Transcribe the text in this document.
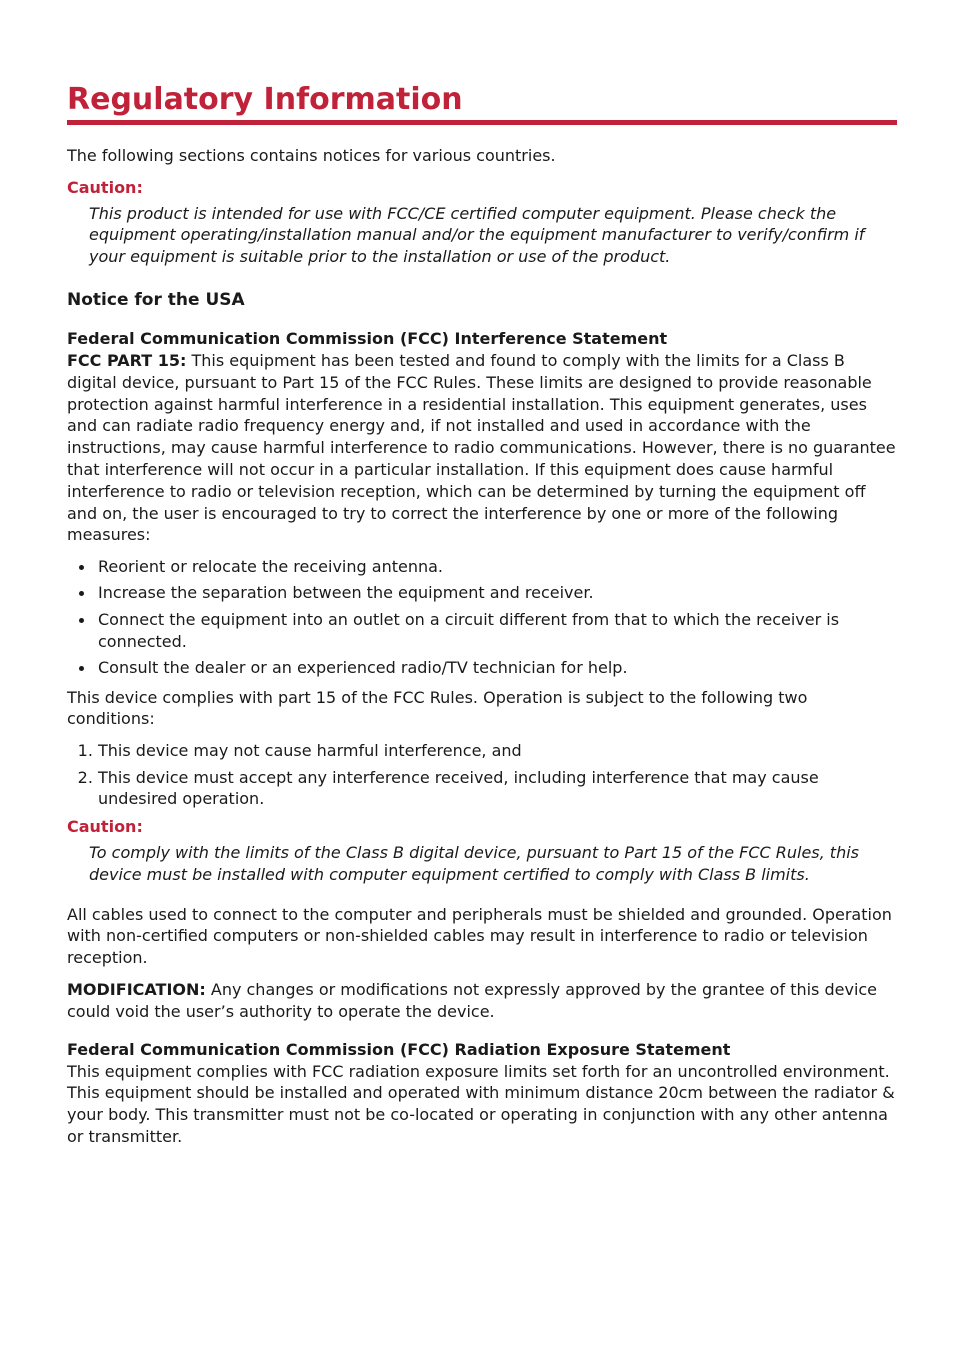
Regulatory Information

The following sections contains notices for various countries.

Caution:

This product is intended for use with FCC/CE certified computer equipment. Please check the equipment operating/installation manual and/or the equipment manufacturer to verify/confirm if your equipment is suitable prior to the installation or use of the product.

Notice for the USA
Federal Communication Commission (FCC) Interference Statement

FCC PART 15: This equipment has been tested and found to comply with the limits for a Class B digital device, pursuant to Part 15 of the FCC Rules. These limits are designed to provide reasonable protection against harmful interference in a residential installation. This equipment generates, uses and can radiate radio frequency energy and, if not installed and used in accordance with the instructions, may cause harmful interference to radio communications. However, there is no guarantee that interference will not occur in a particular installation. If this equipment does cause harmful interference to radio or television reception, which can be determined by turning the equipment off and on, the user is encouraged to try to correct the interference by one or more of the following measures:

Reorient or relocate the receiving antenna.
Increase the separation between the equipment and receiver.
Connect the equipment into an outlet on a circuit different from that to which the receiver is connected.
Consult the dealer or an experienced radio/TV technician for help.

This device complies with part 15 of the FCC Rules. Operation is subject to the following two conditions:

1. This device may not cause harmful interference, and
2. This device must accept any interference received, including interference that may cause undesired operation.
Caution:

To comply with the limits of the Class B digital device, pursuant to Part 15 of the FCC Rules, this device must be installed with computer equipment certified to comply with Class B limits.

All cables used to connect to the computer and peripherals must be shielded and grounded. Operation with non-certified computers or non-shielded cables may result in interference to radio or television reception.

MODIFICATION: Any changes or modifications not expressly approved by the grantee of this device could void the user’s authority to operate the device.

Federal Communication Commission (FCC) Radiation Exposure Statement

This equipment complies with FCC radiation exposure limits set forth for an uncontrolled environment. This equipment should be installed and operated with minimum distance 20cm between the radiator & your body. This transmitter must not be co-located or operating in conjunction with any other antenna or transmitter.
